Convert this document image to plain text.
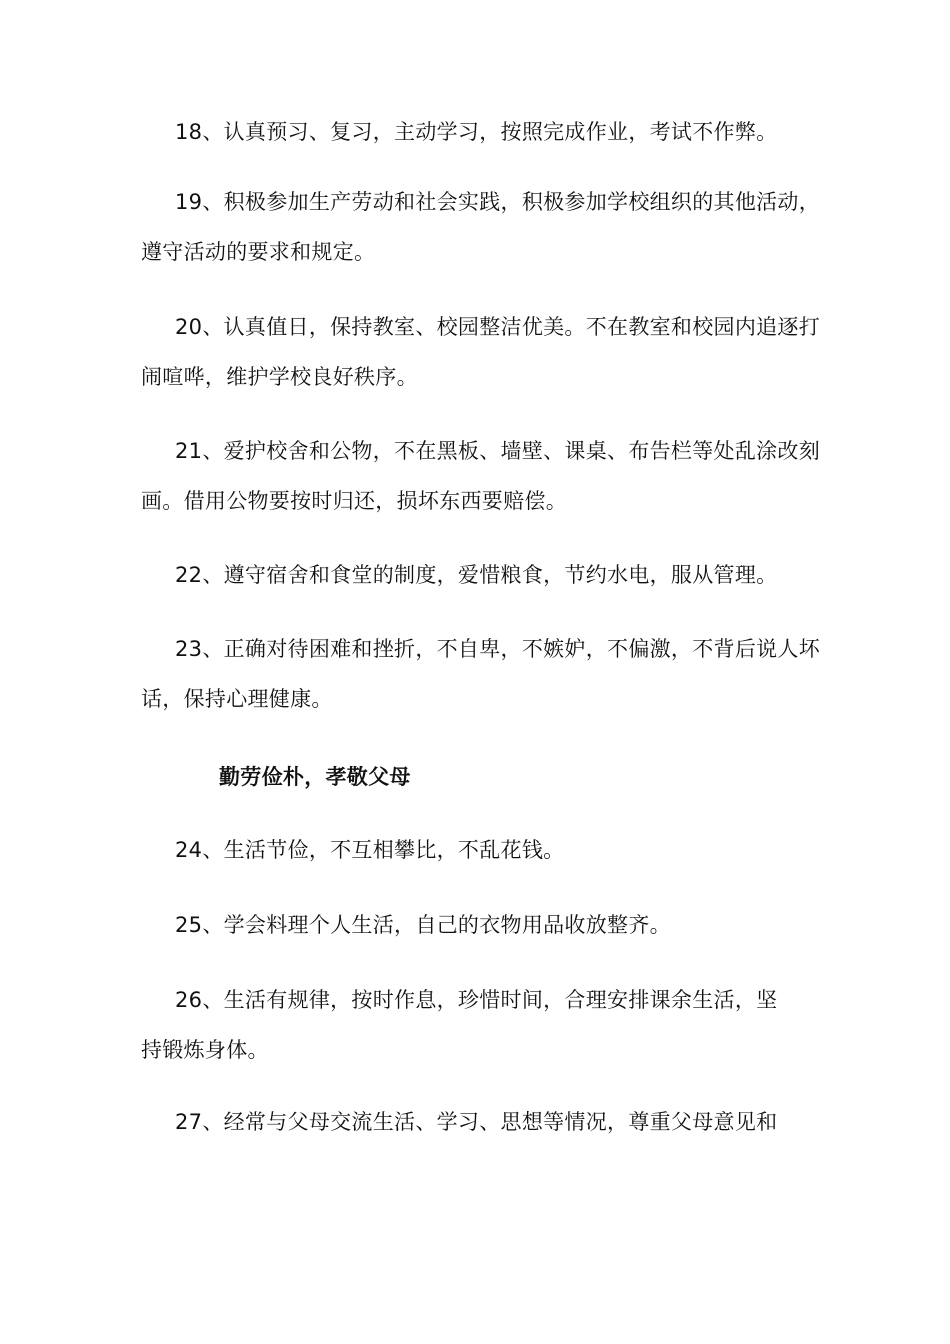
18、认真预习、复习，主动学习，按照完成作业，考试不作弊。
19、积极参加生产劳动和社会实践，积极参加学校组织的其他活动，
遵守活动的要求和规定。
20、认真值日，保持教室、校园整洁优美。不在教室和校园内追逐打
闹喧哗，维护学校良好秩序。
21、爱护校舍和公物，不在黑板、墙壁、课桌、布告栏等处乱涂改刻
画。借用公物要按时归还，损坏东西要赔偿。
22、遵守宿舍和食堂的制度，爱惜粮食，节约水电，服从管理。
23、正确对待困难和挫折，不自卑，不嫉妒，不偏激，不背后说人坏
话，保持心理健康。
勤劳俭朴，孝敬父母
24、生活节俭，不互相攀比，不乱花钱。
25、学会料理个人生活，自己的衣物用品收放整齐。
26、生活有规律，按时作息，珍惜时间，合理安排课余生活，坚
持锻炼身体。
27、经常与父母交流生活、学习、思想等情况，尊重父母意见和
